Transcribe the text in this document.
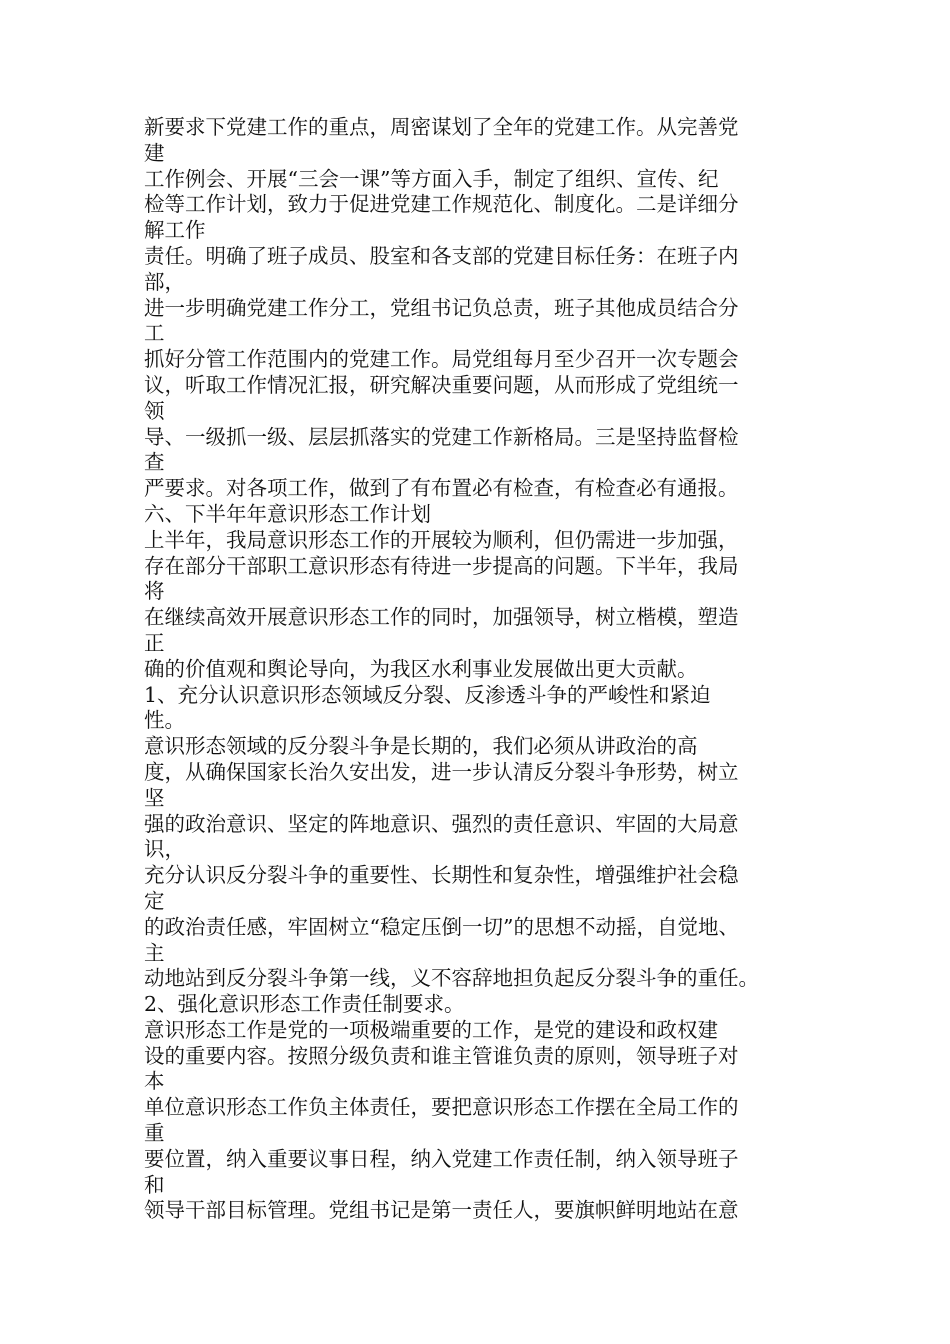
新要求下党建工作的重点，周密谋划了全年的党建工作。从完善党
建
工作例会、开展“三会一课”等方面入手，制定了组织、宣传、纪
检等工作计划，致力于促进党建工作规范化、制度化。二是详细分
解工作
责任。明确了班子成员、股室和各支部的党建目标任务：在班子内
部，
进一步明确党建工作分工，党组书记负总责，班子其他成员结合分
工
抓好分管工作范围内的党建工作。局党组每月至少召开一次专题会
议，听取工作情况汇报，研究解决重要问题，从而形成了党组统一
领
导、一级抓一级、层层抓落实的党建工作新格局。三是坚持监督检
查
严要求。对各项工作，做到了有布置必有检查，有检查必有通报。
六、下半年年意识形态工作计划
上半年，我局意识形态工作的开展较为顺利，但仍需进一步加强，
存在部分干部职工意识形态有待进一步提高的问题。下半年，我局
将
在继续高效开展意识形态工作的同时，加强领导，树立楷模，塑造
正
确的价值观和舆论导向，为我区水利事业发展做出更大贡献。
1、充分认识意识形态领域反分裂、反渗透斗争的严峻性和紧迫
性。
意识形态领域的反分裂斗争是长期的，我们必须从讲政治的高
度，从确保国家长治久安出发，进一步认清反分裂斗争形势，树立
坚
强的政治意识、坚定的阵地意识、强烈的责任意识、牢固的大局意
识，
充分认识反分裂斗争的重要性、长期性和复杂性，增强维护社会稳
定
的政治责任感，牢固树立“稳定压倒一切”的思想不动摇，自觉地、
主
动地站到反分裂斗争第一线，义不容辞地担负起反分裂斗争的重任。
2、强化意识形态工作责任制要求。
意识形态工作是党的一项极端重要的工作，是党的建设和政权建
设的重要内容。按照分级负责和谁主管谁负责的原则，领导班子对
本
单位意识形态工作负主体责任，要把意识形态工作摆在全局工作的
重
要位置，纳入重要议事日程，纳入党建工作责任制，纳入领导班子
和
领导干部目标管理。党组书记是第一责任人，要旗帜鲜明地站在意
